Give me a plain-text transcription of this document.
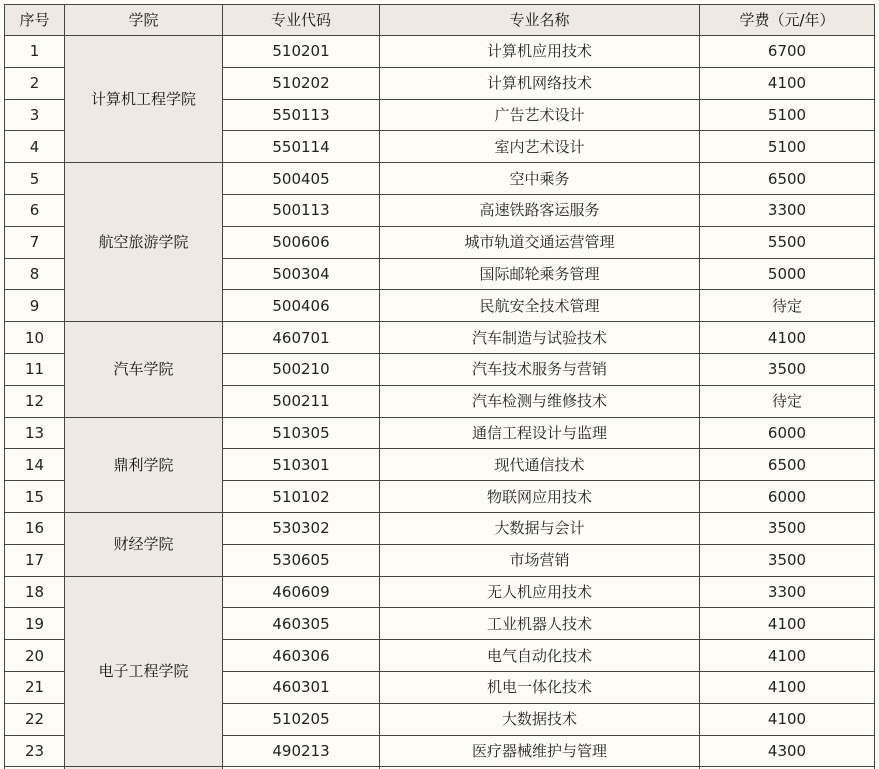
序号	学院	专业代码	专业名称	学费（元/年）
1	计算机工程学院	510201	计算机应用技术	6700
2		510202	计算机网络技术	4100
3		550113	广告艺术设计	5100
4		550114	室内艺术设计	5100
5	航空旅游学院	500405	空中乘务	6500
6		500113	高速铁路客运服务	3300
7		500606	城市轨道交通运营管理	5500
8		500304	国际邮轮乘务管理	5000
9		500406	民航安全技术管理	待定
10	汽车学院	460701	汽车制造与试验技术	4100
11		500210	汽车技术服务与营销	3500
12		500211	汽车检测与维修技术	待定
13	鼎利学院	510305	通信工程设计与监理	6000
14		510301	现代通信技术	6500
15		510102	物联网应用技术	6000
16	财经学院	530302	大数据与会计	3500
17		530605	市场营销	3500
18	电子工程学院	460609	无人机应用技术	3300
19		460305	工业机器人技术	4100
20		460306	电气自动化技术	4100
21		460301	机电一体化技术	4100
22		510205	大数据技术	4100
23		490213	医疗器械维护与管理	4300
